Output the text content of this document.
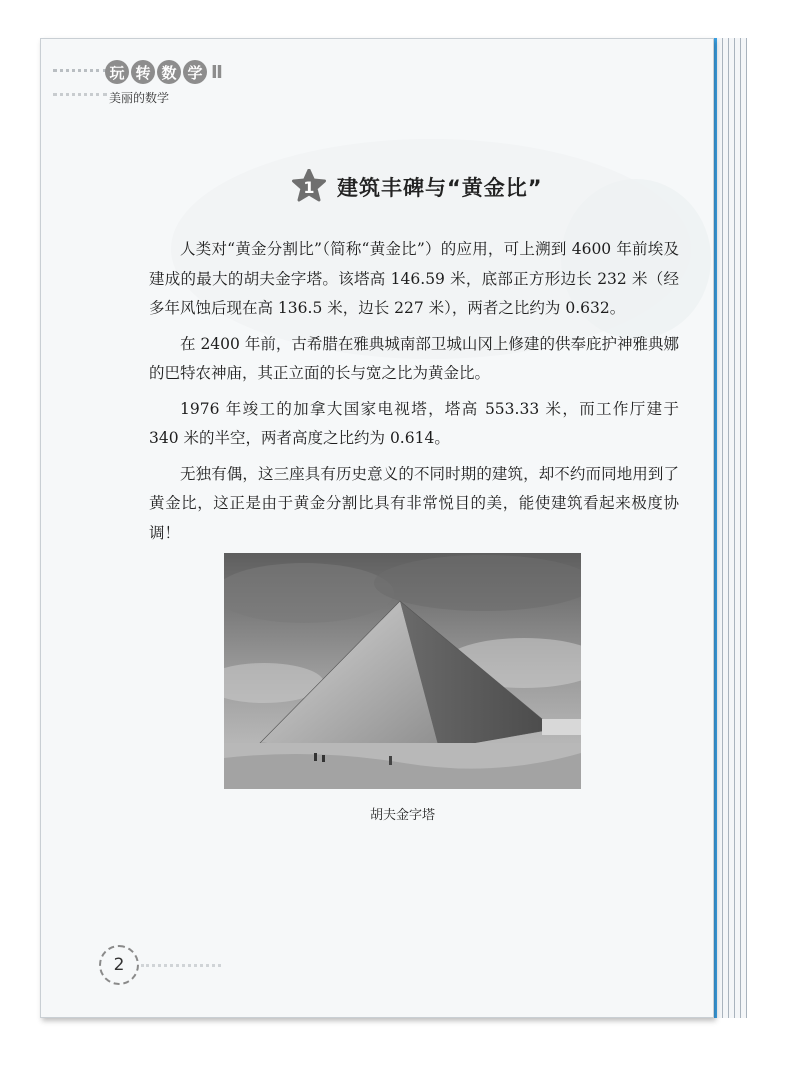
玩 转 数 学 Ⅱ
美丽的数学
1	建筑丰碑与“黄金比”

人类对“黄金分割比”（简称“黄金比”）的应用，可上溯到 4600 年前埃及建成的最大的胡夫金字塔。该塔高 146.59 米，底部正方形边长 232 米（经多年风蚀后现在高 136.5 米，边长 227 米），两者之比约为 0.632。

在 2400 年前，古希腊在雅典城南部卫城山冈上修建的供奉庇护神雅典娜的巴特农神庙，其正立面的长与宽之比为黄金比。

1976 年竣工的加拿大国家电视塔，塔高 553.33 米，而工作厅建于 340 米的半空，两者高度之比约为 0.614。

无独有偶，这三座具有历史意义的不同时期的建筑，却不约而同地用到了黄金比，这正是由于黄金分割比具有非常悦目的美，能使建筑看起来极度协调！

胡夫金字塔
2
